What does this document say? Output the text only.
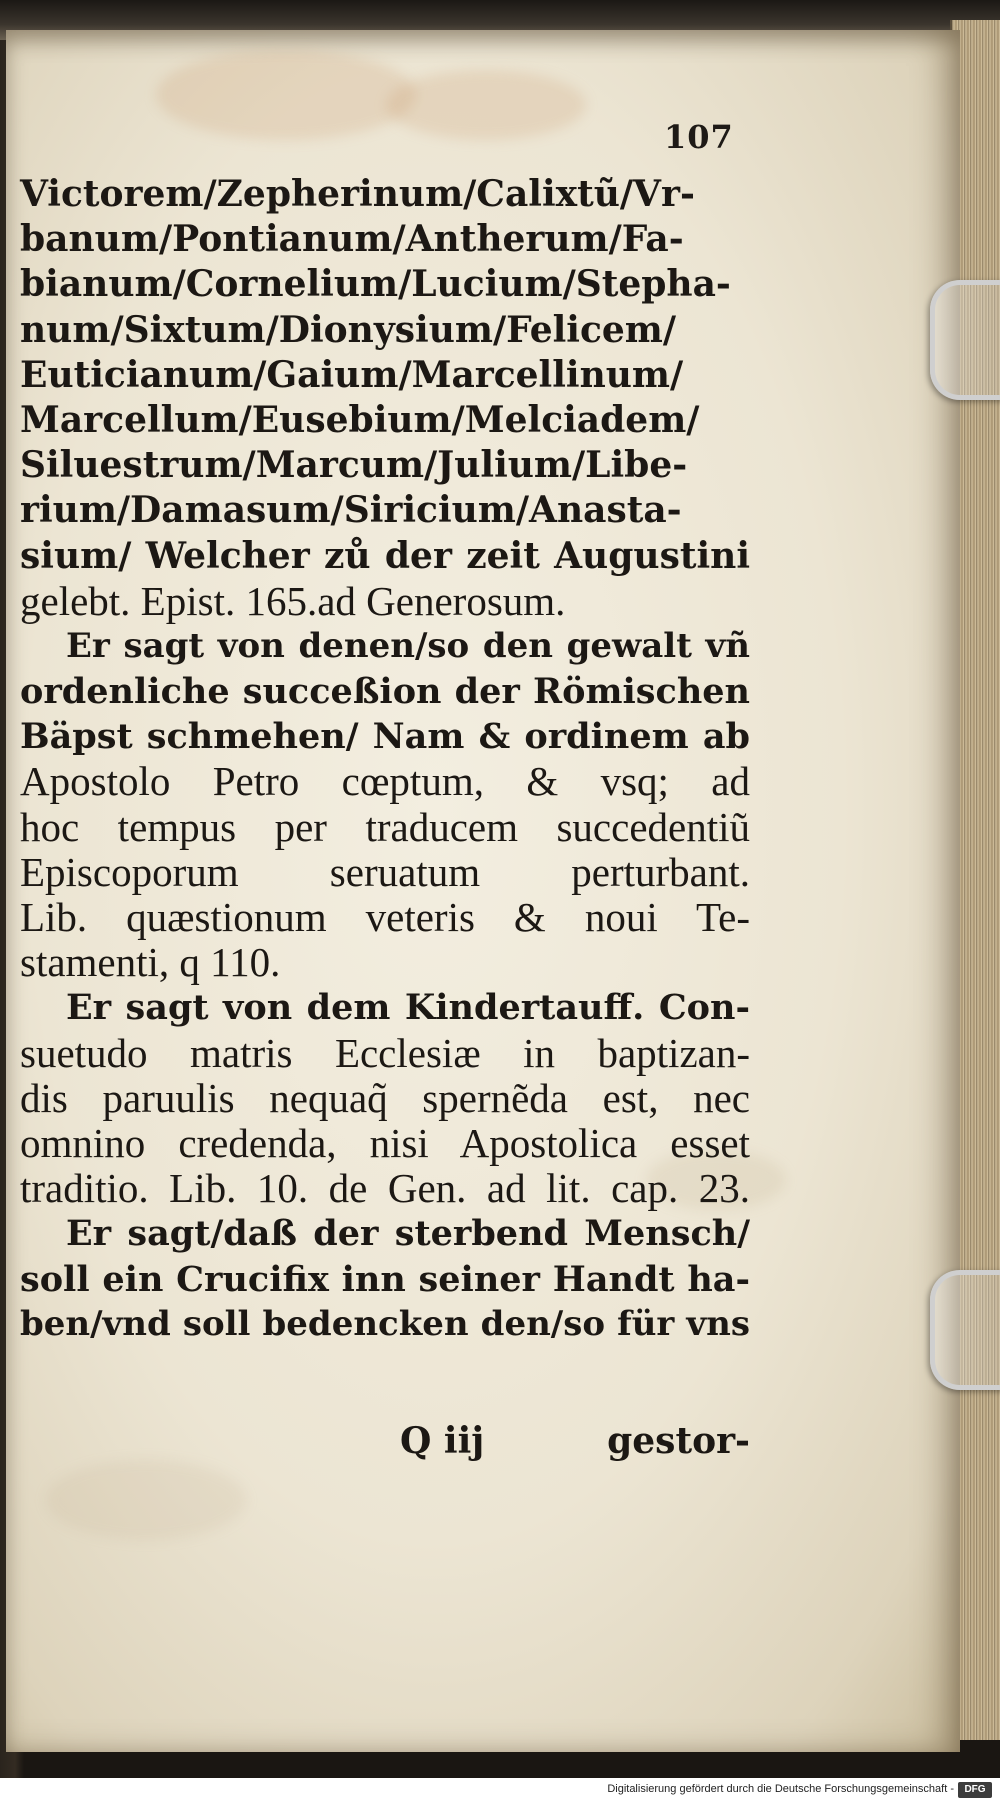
107
Victorem/Zepherinum/Calixtũ/Vr-
banum/Pontianum/Antherum/Fa-
bianum/Cornelium/Lucium/Stepha-
num/Sixtum/Dionysium/Felicem/
Euticianum/Gaium/Marcellinum/
Marcellum/Eusebium/Melciadem/
Siluestrum/Marcum/Julium/Libe-
rium/Damasum/Siricium/Anasta-
sium/ Welcher zů der zeit Augustini
gelebt. Epist. 165.ad Generosum.
Er sagt von denen/so den gewalt vñ
ordenliche succeßion der Römischen
Bäpst schmehen/ Nam & ordinem ab
Apostolo Petro cœptum, & vsq; ad
hoc tempus per traducem succedentiũ
Episcoporum seruatum perturbant.
Lib. quæstionum veteris & noui Te-
stamenti, q 110.
Er sagt von dem Kindertauff. Con-
suetudo matris Ecclesiæ in baptizan-
dis paruulis nequaq̃ spernẽda est, nec
omnino credenda, nisi Apostolica esset
traditio. Lib. 10. de Gen. ad lit. cap. 23.
Er sagt/daß der sterbend Mensch/
soll ein Crucifix inn seiner Handt ha-
ben/vnd soll bedencken den/so für vns
Q iij	gestor-
Digitalisierung gefördert durch die Deutsche Forschungsgemeinschaft -	DFG
